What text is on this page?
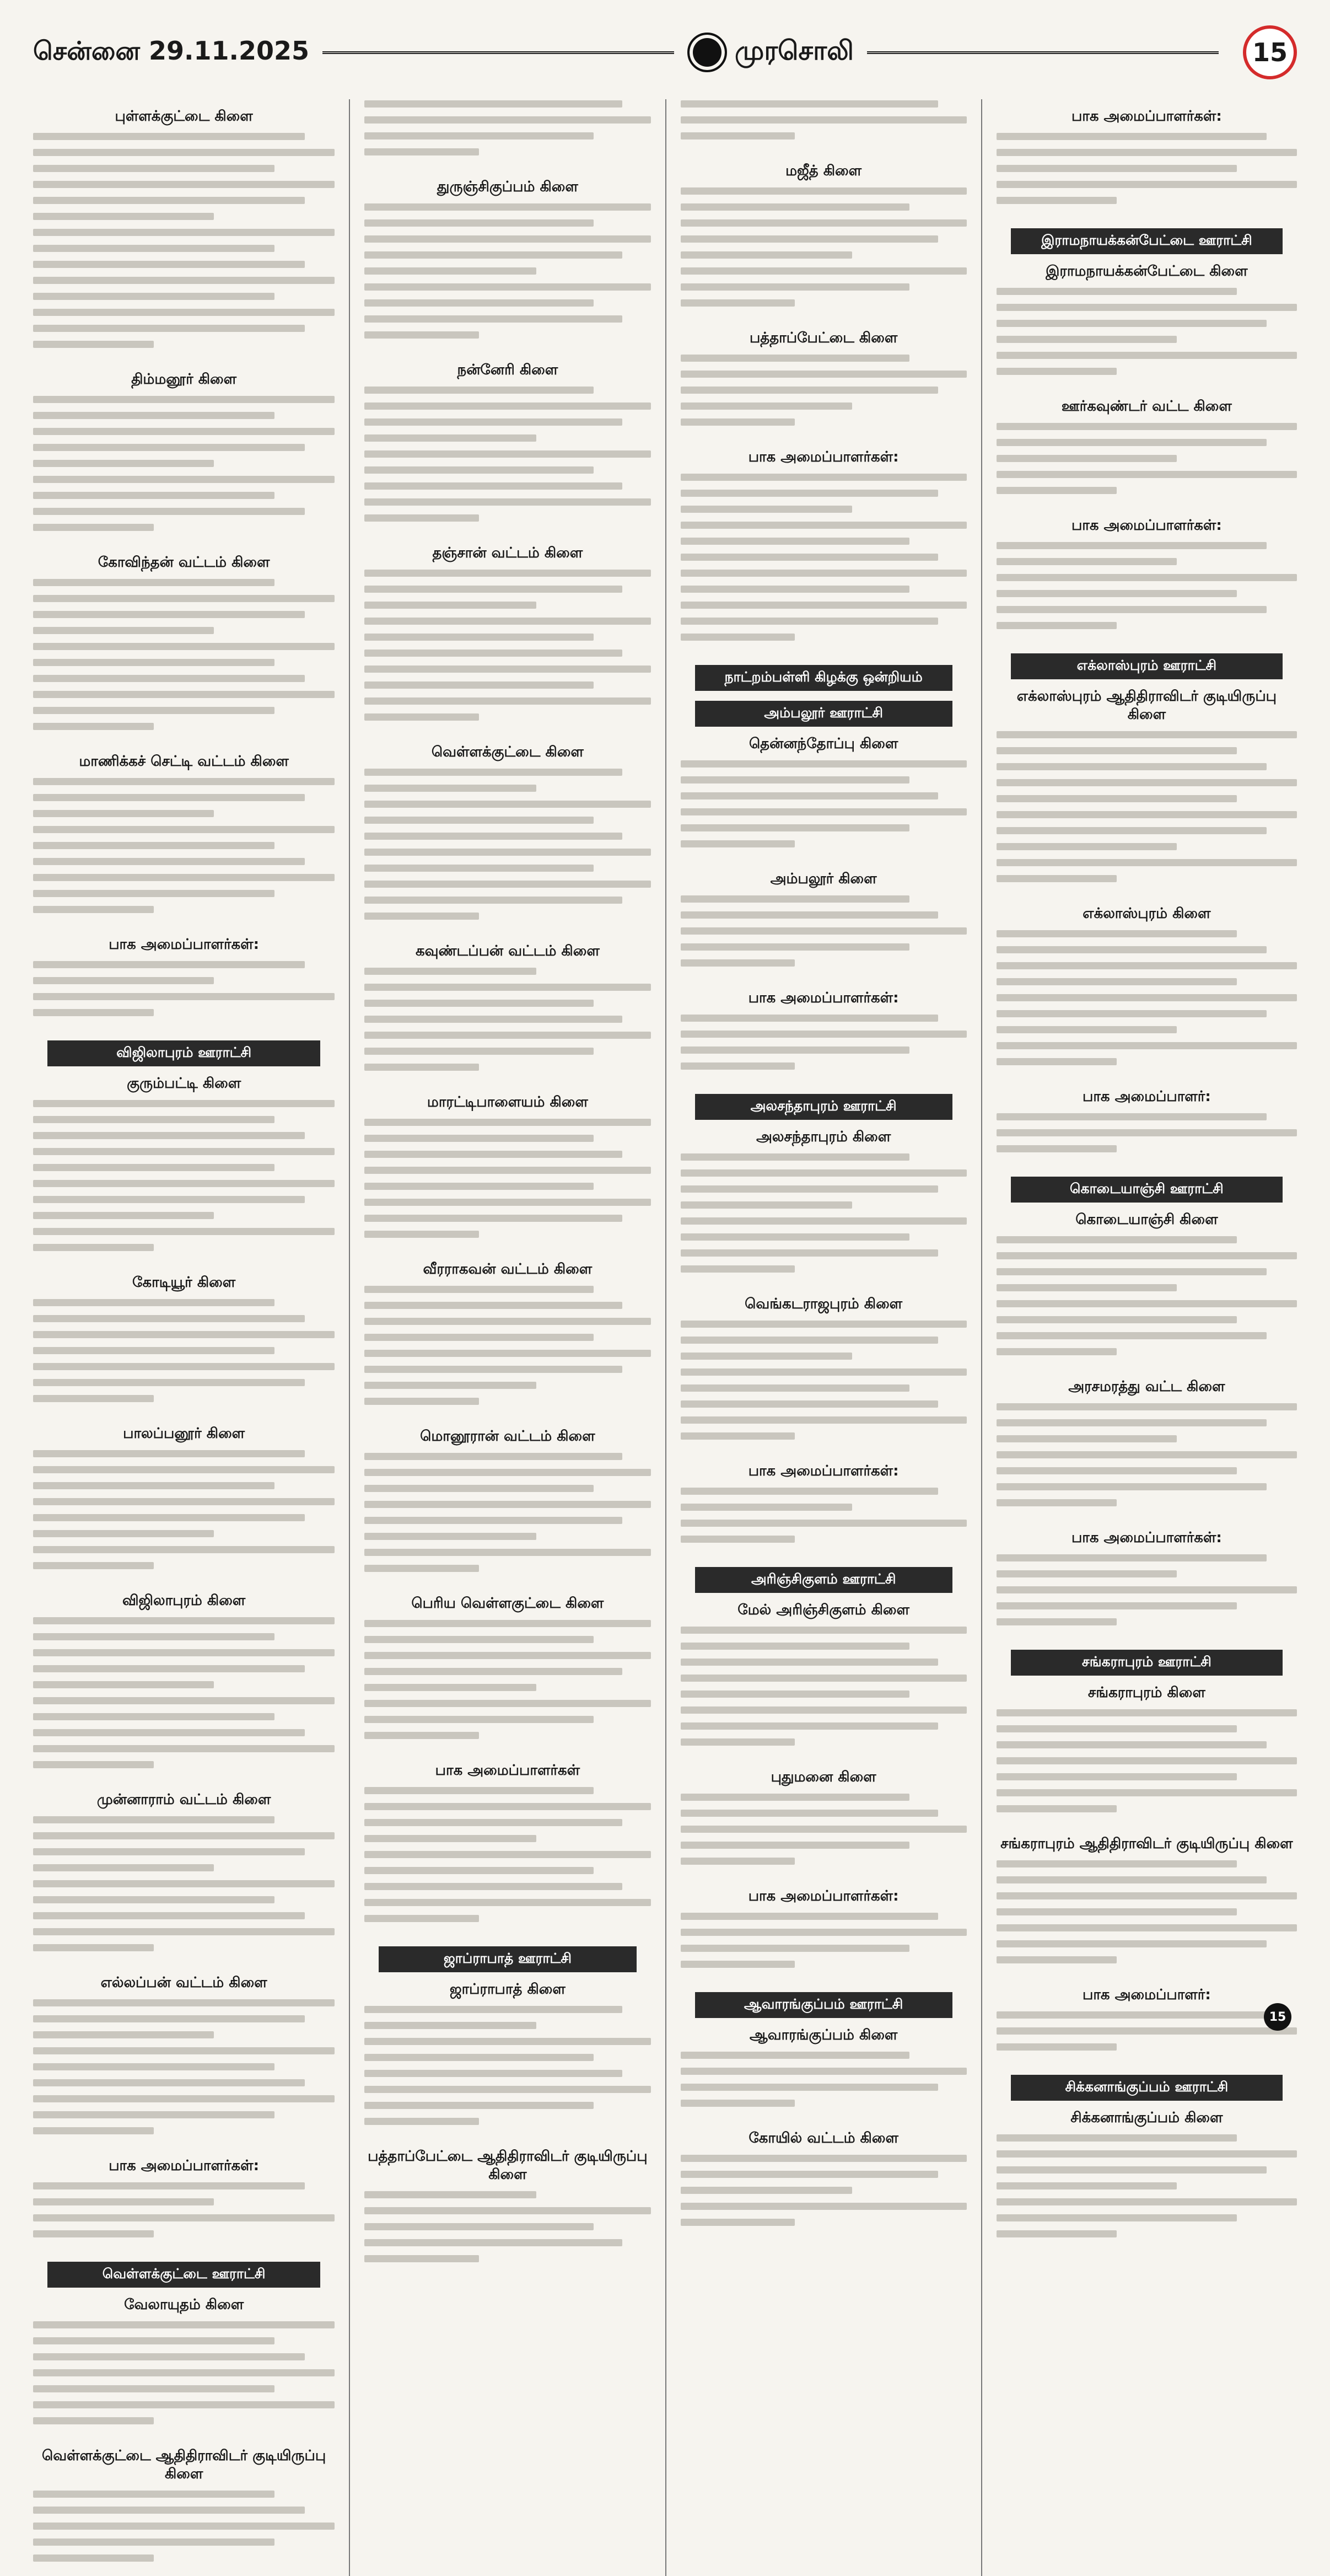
சென்னை 29.11.2025	முரசொலி	15
புள்ளக்குட்டை கிளை
திம்மனூர் கிளை
கோவிந்தன் வட்டம் கிளை
மாணிக்கச் செட்டி வட்டம் கிளை
பாக அமைப்பாளர்கள்:
விஜிலாபுரம் ஊராட்சி
குரும்பட்டி கிளை
கோடியூர் கிளை
பாலப்பனூர் கிளை
விஜிலாபுரம் கிளை
முன்னாராம் வட்டம் கிளை
எல்லப்பன் வட்டம் கிளை
பாக அமைப்பாளர்கள்:
வெள்ளக்குட்டை ஊராட்சி
வேலாயுதம் கிளை
வெள்ளக்குட்டை ஆதிதிராவிடர் குடியிருப்பு கிளை
துருஞ்சிகுப்பம் கிளை
நன்னேரி கிளை
தஞ்சான் வட்டம் கிளை
வெள்ளக்குட்டை கிளை
கவுண்டப்பன் வட்டம் கிளை
மாரட்டிபாளையம் கிளை
வீரராகவன் வட்டம் கிளை
மொனூரான் வட்டம் கிளை
பெரிய வெள்ளகுட்டை கிளை
பாக அமைப்பாளர்கள்
ஜாப்ராபாத் ஊராட்சி
ஜாப்ராபாத் கிளை
பத்தாப்பேட்டை ஆதிதிராவிடர் குடியிருப்பு கிளை
மஜீத் கிளை
பத்தாப்பேட்டை கிளை
பாக அமைப்பாளர்கள்:
நாட்றம்பள்ளி கிழக்கு ஒன்றியம்
அம்பலூர் ஊராட்சி
தென்னந்தோப்பு கிளை
அம்பலூர் கிளை
பாக அமைப்பாளர்கள்:
அலசந்தாபுரம் ஊராட்சி
அலசந்தாபுரம் கிளை
வெங்கடராஜபுரம் கிளை
பாக அமைப்பாளர்கள்:
அரிஞ்சிகுளம் ஊராட்சி
மேல் அரிஞ்சிகுளம் கிளை
புதுமனை கிளை
பாக அமைப்பாளர்கள்:
ஆவாரங்குப்பம் ஊராட்சி
ஆவாரங்குப்பம் கிளை
கோயில் வட்டம் கிளை
பாக அமைப்பாளர்கள்:
இராமநாயக்கன்பேட்டை ஊராட்சி
இராமநாயக்கன்பேட்டை கிளை
ஊர்கவுண்டர் வட்ட கிளை
பாக அமைப்பாளர்கள்:
எக்லாஸ்புரம் ஊராட்சி
எக்லாஸ்புரம் ஆதிதிராவிடர் குடியிருப்பு கிளை
எக்லாஸ்புரம் கிளை
பாக அமைப்பாளர்:
கொடையாஞ்சி ஊராட்சி
கொடையாஞ்சி கிளை
அரசமரத்து வட்ட கிளை
பாக அமைப்பாளர்கள்:
சங்கராபுரம் ஊராட்சி
சங்கராபுரம் கிளை
சங்கராபுரம் ஆதிதிராவிடர் குடியிருப்பு கிளை
பாக அமைப்பாளர்:
சிக்கனாங்குப்பம் ஊராட்சி
சிக்கனாங்குப்பம் கிளை
15
